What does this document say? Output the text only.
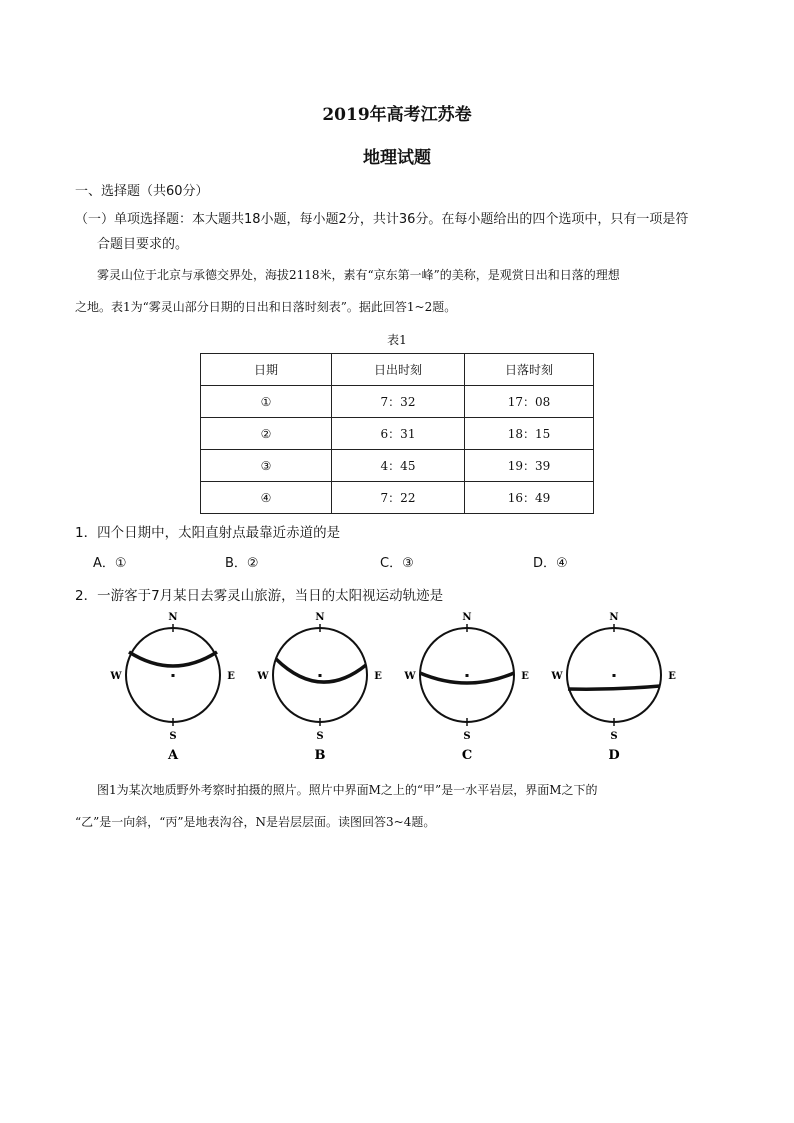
2019年高考江苏卷
地理试题
一、选择题（共60分）
（一）单项选择题：本大题共18小题，每小题2分，共计36分。在每小题给出的四个选项中，只有一项是符
合题目要求的。
雾灵山位于北京与承德交界处，海拔2118米，素有“京东第一峰”的美称，是观赏日出和日落的理想
之地。表1为“雾灵山部分日期的日出和日落时刻表”。据此回答1~2题。
表1
日期	日出时刻	日落时刻
①	7：32	17：08
②	6：31	18：15
③	4：45	19：39
④	7：22	16：49
1．四个日期中，太阳直射点最靠近赤道的是
A．①	B．②	C．③	D．④
2．一游客于7月某日去雾灵山旅游，当日的太阳视运动轨迹是
N
S
W	E
A
N
S
W	E
B
N
S
W	E
C
N
S
W	E
D
图1为某次地质野外考察时拍摄的照片。照片中界面M之上的“甲”是一水平岩层，界面M之下的
“乙”是一向斜，“丙”是地表沟谷，N是岩层层面。读图回答3~4题。
